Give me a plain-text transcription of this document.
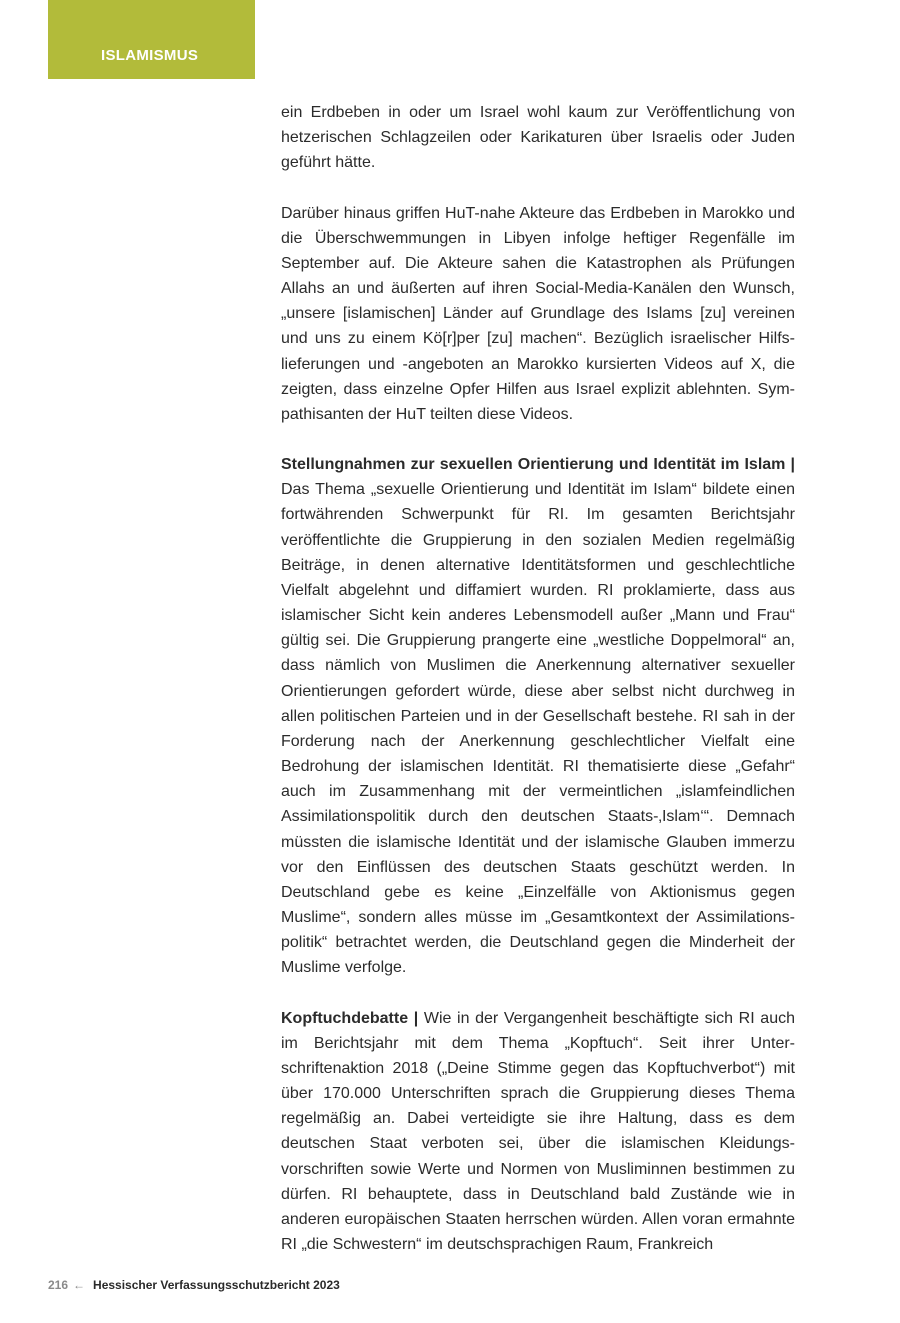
ISLAMISMUS

ein Erdbeben in oder um Israel wohl kaum zur Veröffentlichung von hetzerischen Schlagzeilen oder Karikaturen über Israelis oder Juden geführt hätte.

Darüber hinaus griffen HuT-nahe Akteure das Erdbeben in Marokko und die Überschwemmungen in Libyen infolge heftiger Regenfälle im September auf. Die Akteure sahen die Katastrophen als Prüfungen Allahs an und äußerten auf ihren Social-Media-Kanälen den Wunsch, „unsere [islamischen] Länder auf Grundlage des Islams [zu] vereinen und uns zu einem Kö[r]per [zu] machen“. Bezüglich israelischer Hilfslieferungen und -angeboten an Marokko kursierten Videos auf X, die zeigten, dass einzelne Opfer Hilfen aus Israel explizit ablehnten. Sympathisanten der HuT teilten diese Videos.

Stellungnahmen zur sexuellen Orientierung und Identität im Islam | Das Thema „sexuelle Orientierung und Identität im Islam“ bildete einen fortwährenden Schwerpunkt für RI. Im gesamten Berichtsjahr veröffentlichte die Gruppierung in den sozialen Medien regelmäßig Beiträge, in denen alternative Identitätsformen und geschlechtliche Vielfalt abgelehnt und diffamiert wurden. RI proklamierte, dass aus islamischer Sicht kein anderes Lebensmodell außer „Mann und Frau“ gültig sei. Die Gruppierung prangerte eine „westliche Doppelmoral“ an, dass nämlich von Muslimen die Anerkennung alternativer sexueller Orientierungen gefordert würde, diese aber selbst nicht durchweg in allen politischen Parteien und in der Gesellschaft bestehe. RI sah in der Forderung nach der Anerkennung geschlechtlicher Vielfalt eine Bedrohung der islamischen Identität. RI thematisierte diese „Gefahr“ auch im Zusammenhang mit der vermeintlichen „islamfeindlichen Assimilationspolitik durch den deutschen Staats-‚Islam‘“. Demnach müssten die islamische Identität und der islamische Glauben immerzu vor den Einflüssen des deutschen Staats geschützt werden. In Deutschland gebe es keine „Einzelfälle von Aktionismus gegen Muslime“, sondern alles müsse im „Gesamtkontext der Assimilationspolitik“ betrachtet werden, die Deutschland gegen die Minderheit der Muslime verfolge.

Kopftuchdebatte | Wie in der Vergangenheit beschäftigte sich RI auch im Berichtsjahr mit dem Thema „Kopftuch“. Seit ihrer Unterschriftenaktion 2018 („Deine Stimme gegen das Kopftuchverbot“) mit über 170.000 Unterschriften sprach die Gruppierung dieses Thema regelmäßig an. Dabei verteidigte sie ihre Haltung, dass es dem deutschen Staat verboten sei, über die islamischen Kleidungsvorschriften sowie Werte und Normen von Musliminnen bestimmen zu dürfen. RI behauptete, dass in Deutschland bald Zustände wie in anderen europäischen Staaten herrschen würden. Allen voran ermahnte RI „die Schwestern“ im deutschsprachigen Raum, Frankreich

216 ← Hessischer Verfassungsschutzbericht 2023
